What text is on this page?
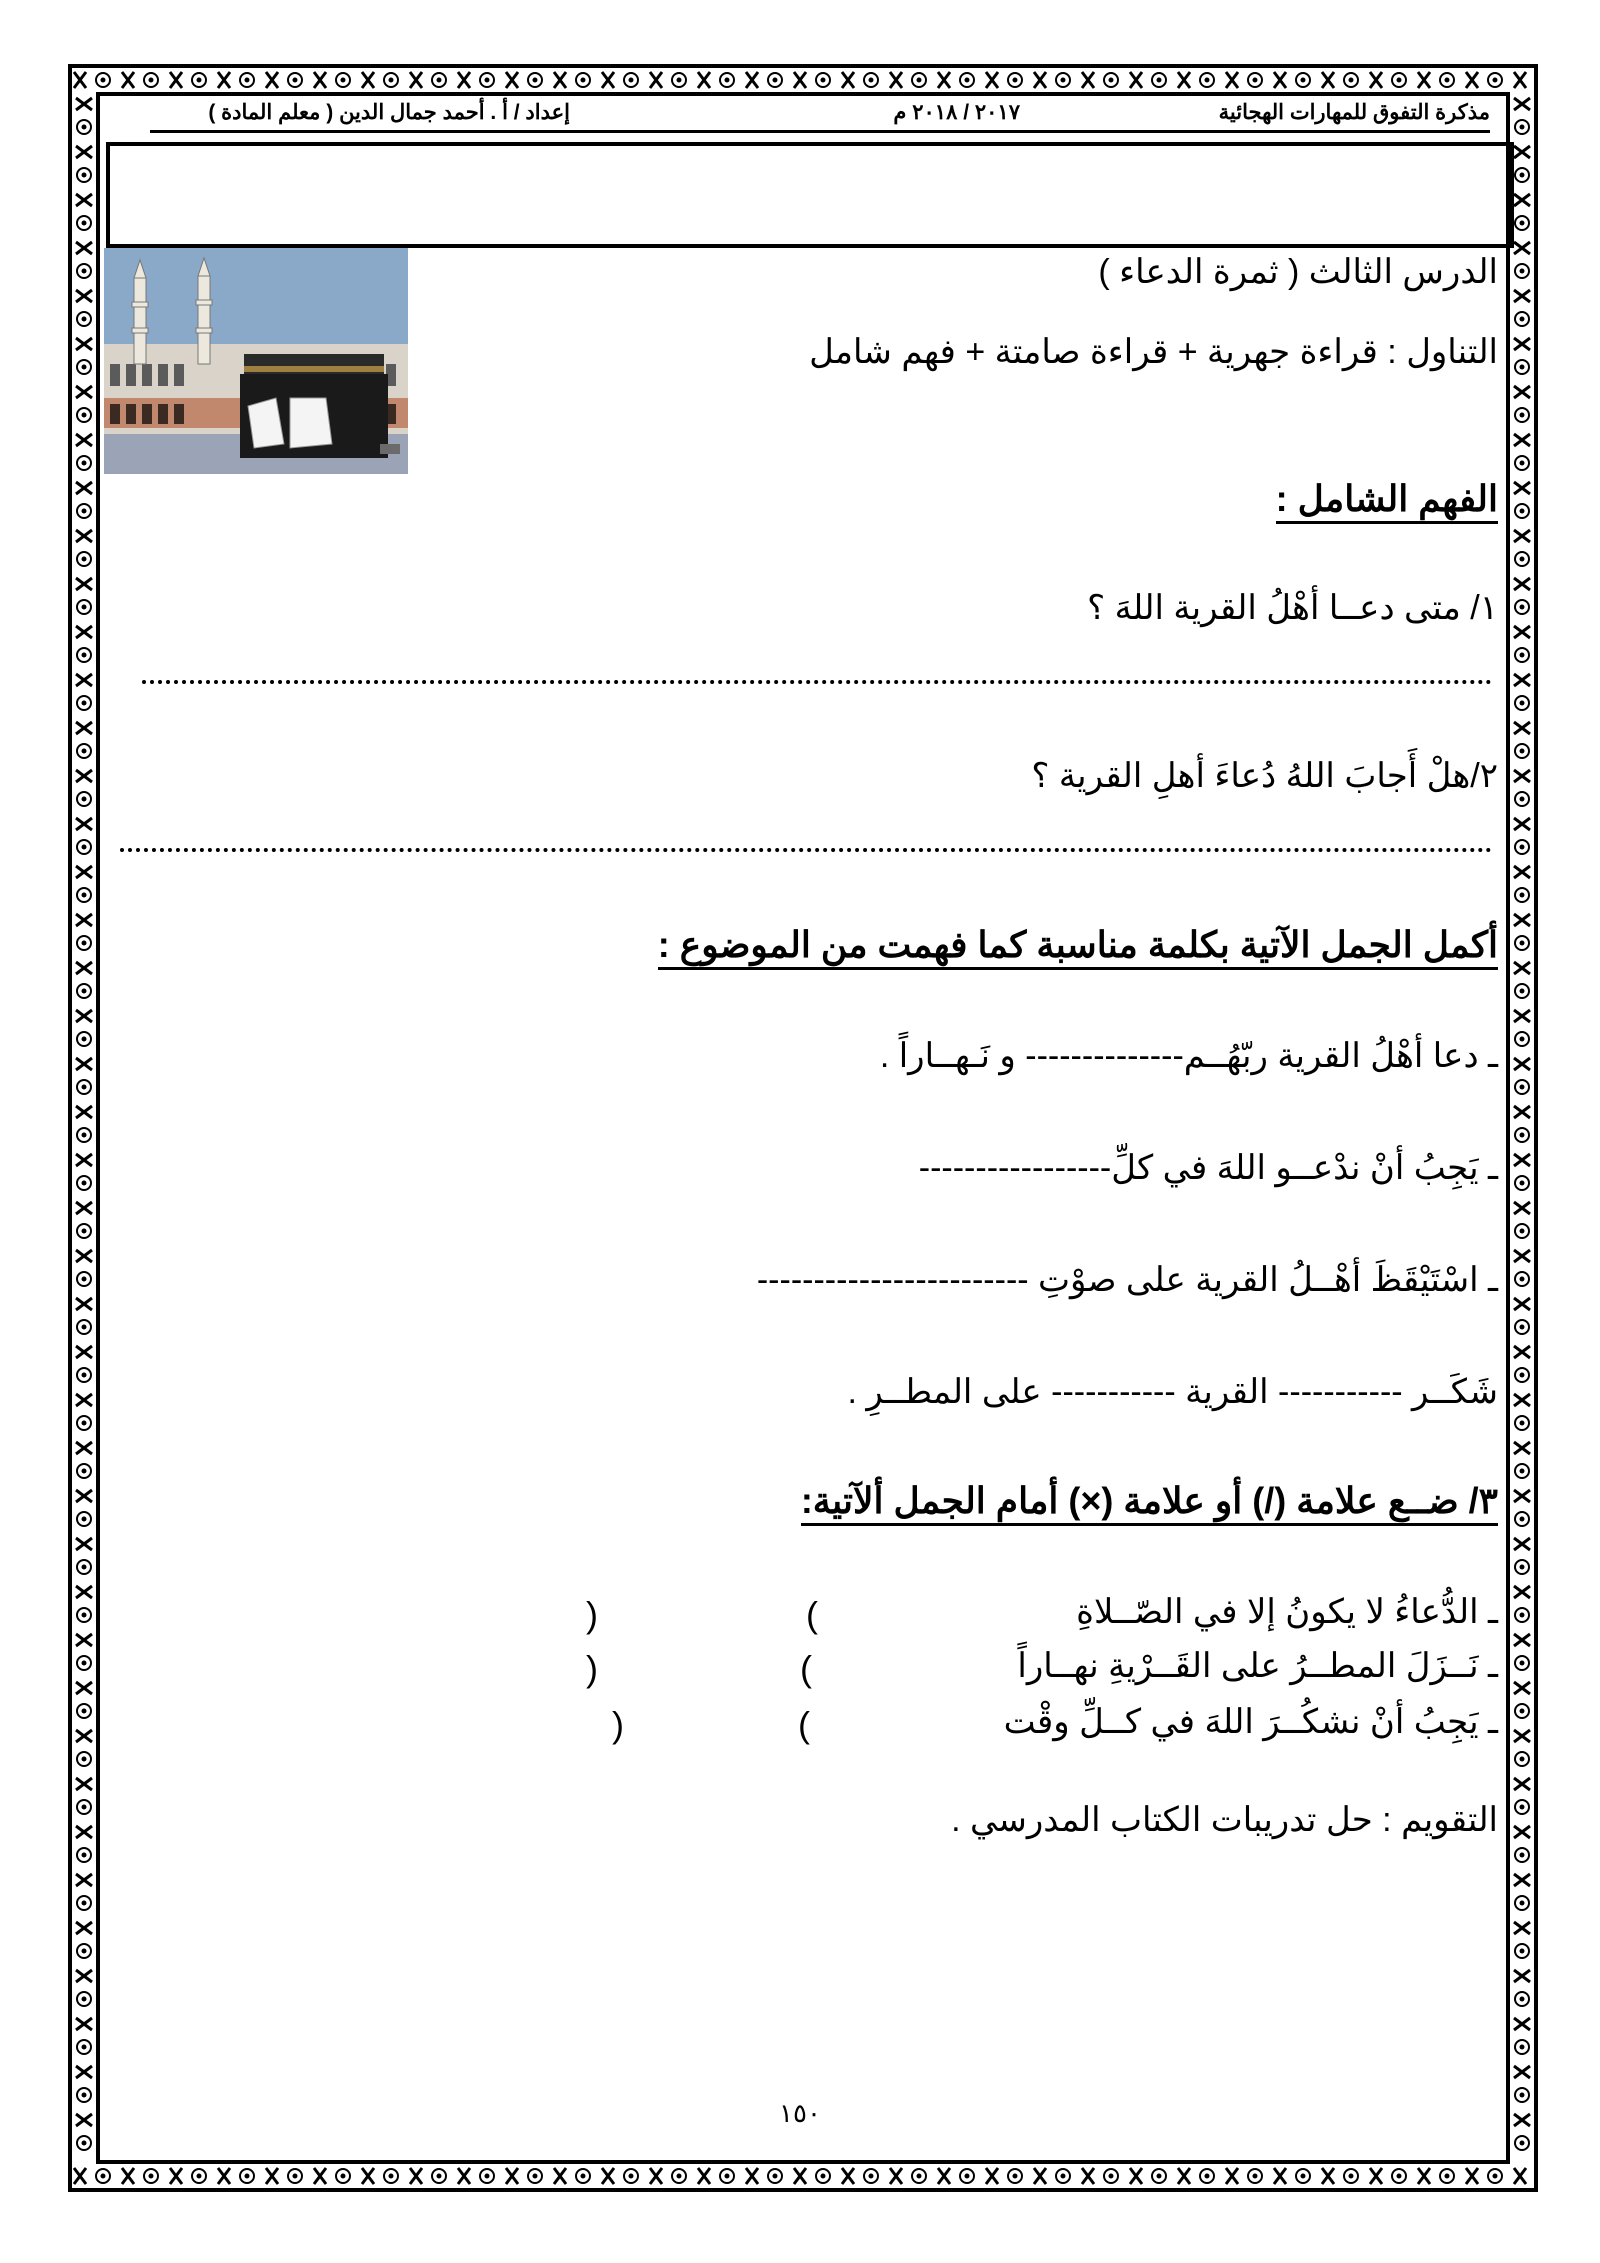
مذكرة التفوق للمهارات الهجائية
٢٠١٧ / ٢٠١٨ م
إعداد / أ . أحمد جمال الدين ( معلم المادة )
الدرس الثالث ( ثمرة الدعاء )
التناول : قراءة جهرية + قراءة صامتة + فهم شامل
الفهم الشامل :
١/ متى دعــا أهْلُ القرية اللهَ ؟
٢/هلْ أَجابَ اللهُ دُعاءَ أهلِ القرية ؟
أكمل الجمل الآتية بكلمة مناسبة كما فهمت من الموضوع :
ـ دعا أهْلُ القرية ربّهُــم-------------- و نَـهــاراً .
ـ يَجِبُ أنْ ندْعــو اللهَ في كلِّ-----------------
ـ اسْتَيْقَظَ أهْــلُ القرية على صوْتِ ------------------------
شَكَــر ----------- القرية ----------- على المطــرِ .
٣/ ضــع علامة (/) أو علامة (×) أمام الجمل ألآتية:
ـ الدُّعاءُ لا يكونُ إلا في الصّــلاةِ
ـ نَــزَلَ المطــرُ على القَــرْيةِ نهــاراً
ـ يَجِبُ أنْ نشكُــرَ اللهَ في كــلِّ وقْت
(
)
(
)
(
)
التقويم : حل تدريبات الكتاب المدرسي .
١٥٠
